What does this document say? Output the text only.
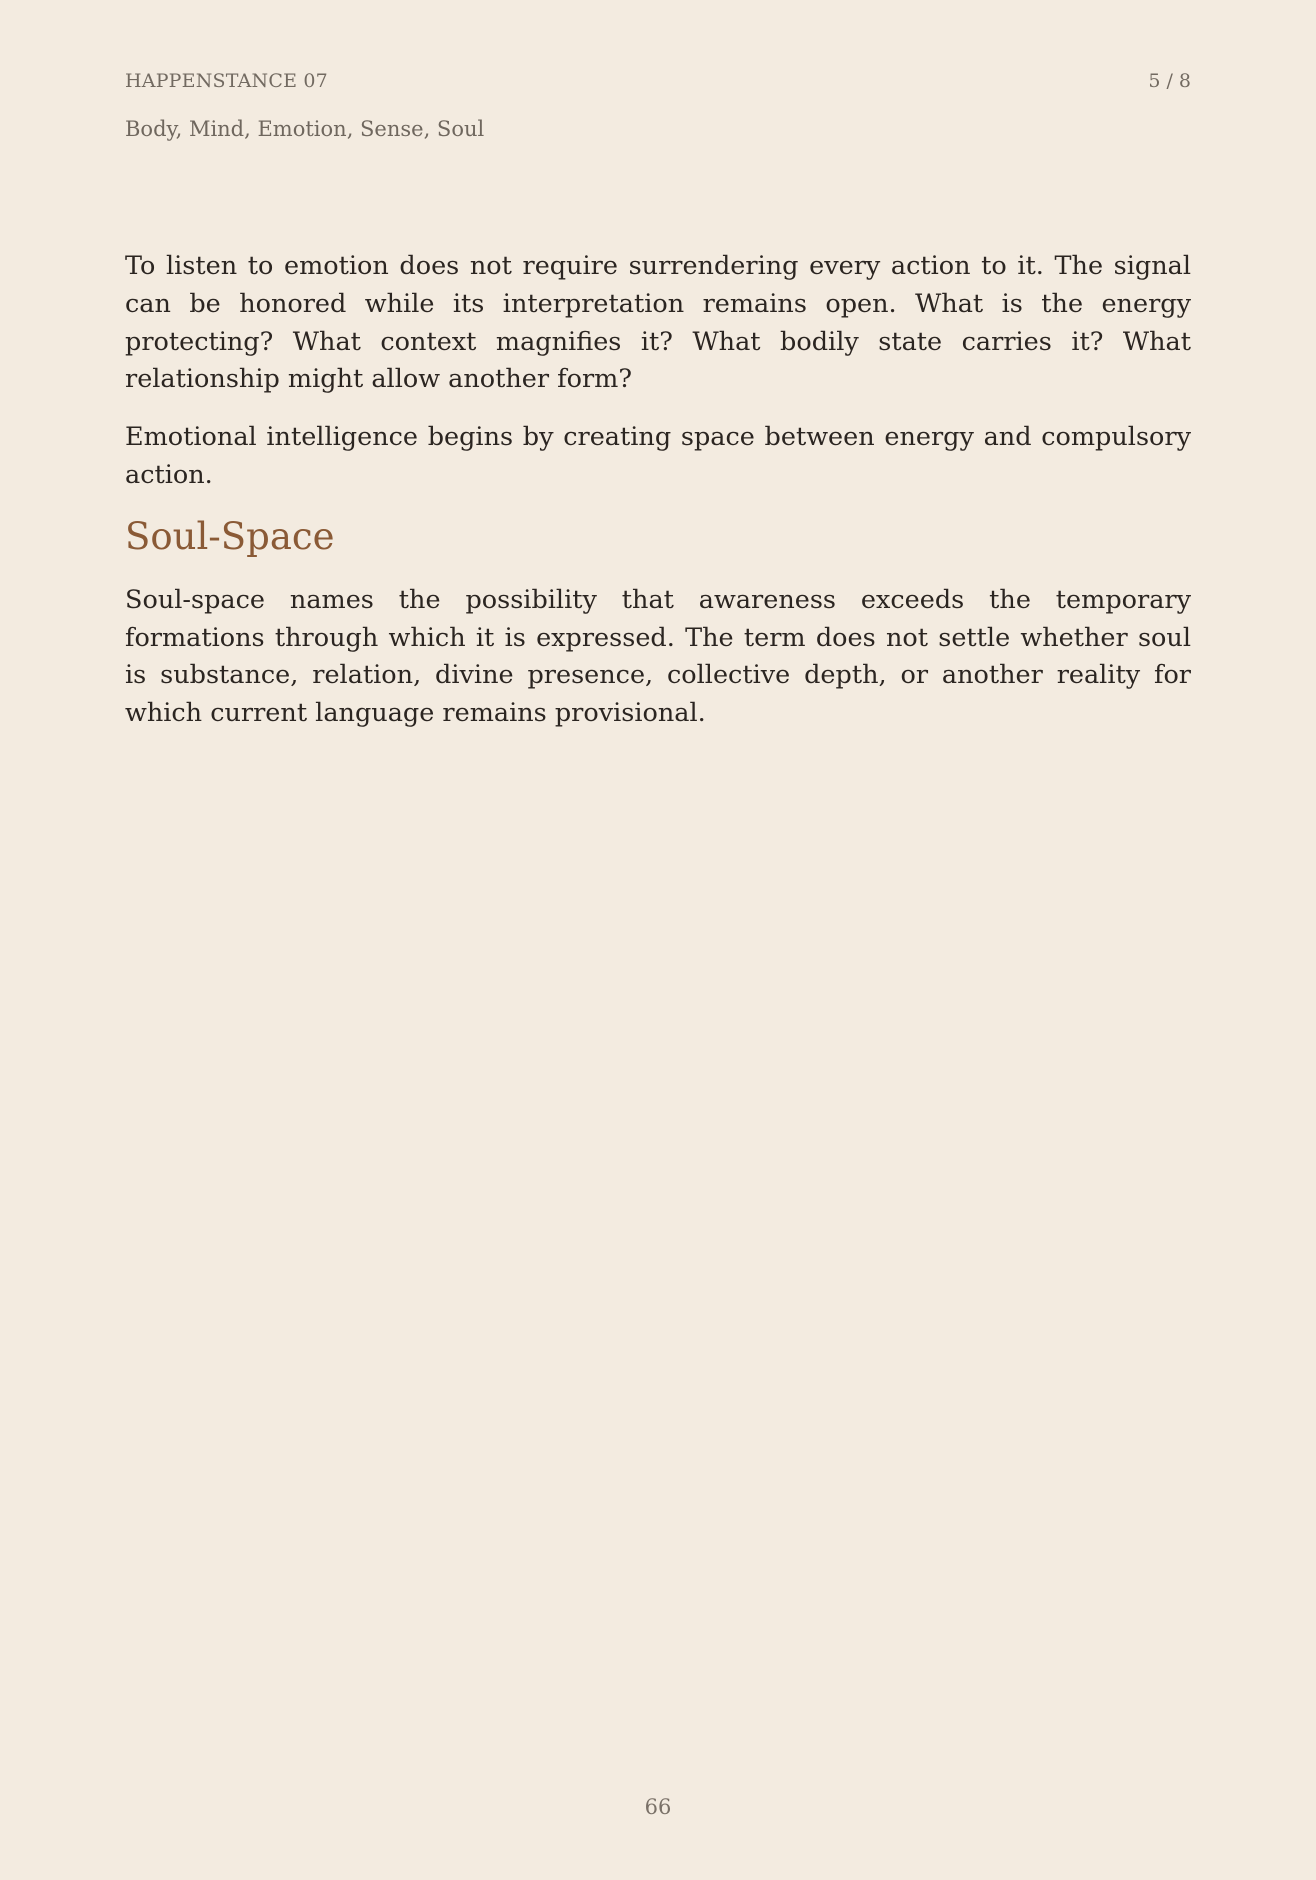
HAPPENSTANCE 07	5 / 8
Body, Mind, Emotion, Sense, Soul

To listen to emotion does not require surrendering every action to it. The signal can be honored while its interpretation remains open. What is the energy protecting? What context magnifies it? What bodily state carries it? What relationship might allow another form?

Emotional intelligence begins by creating space between energy and compulsory action.

Soul-Space

Soul-space names the possibility that awareness exceeds the temporary formations through which it is expressed. The term does not settle whether soul is substance, relation, divine presence, collective depth, or another reality for which current language remains provisional.

66
